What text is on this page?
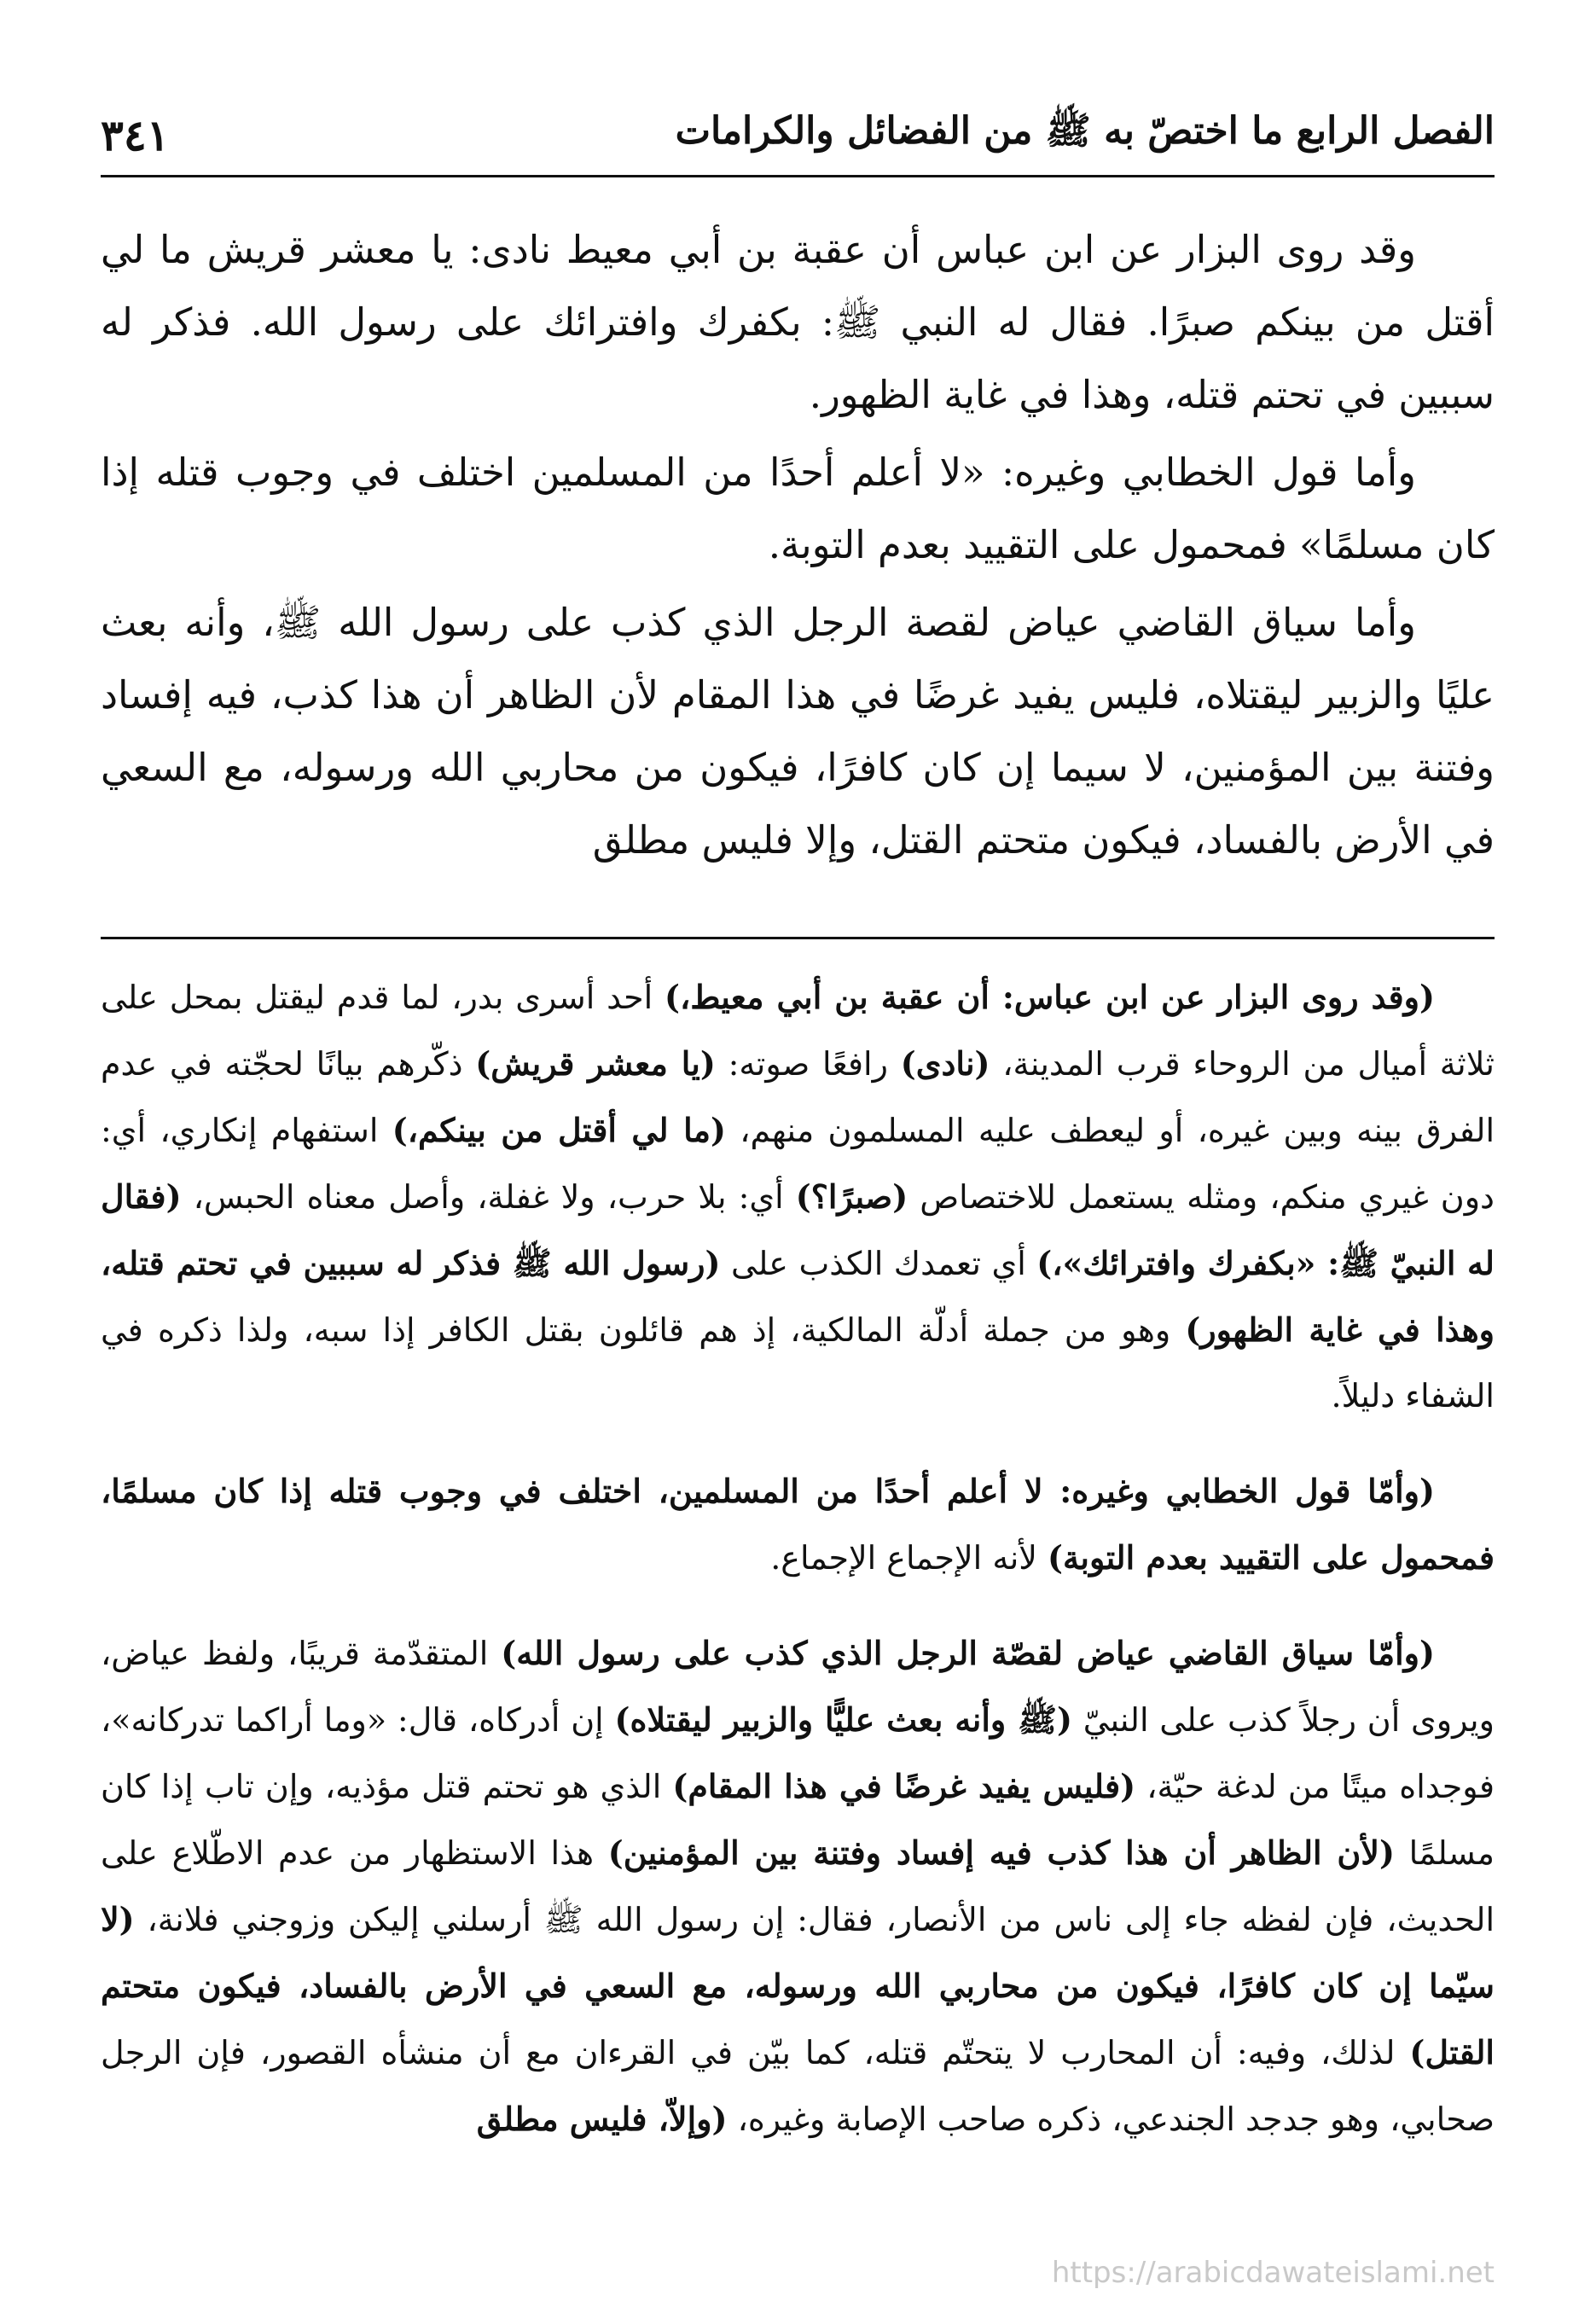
الفصل الرابع ما اختصّ به ﷺ من الفضائل والكرامات
٣٤١

وقد روى البزار عن ابن عباس أن عقبة بن أبي معيط نادى: يا معشر قريش ما لي أقتل من بينكم صبرًا. فقال له النبي ﷺ: بكفرك وافترائك على رسول الله. فذكر له سببين في تحتم قتله، وهذا في غاية الظهور.

وأما قول الخطابي وغيره: «لا أعلم أحدًا من المسلمين اختلف في وجوب قتله إذا كان مسلمًا» فمحمول على التقييد بعدم التوبة.

وأما سياق القاضي عياض لقصة الرجل الذي كذب على رسول الله ﷺ، وأنه بعث عليًا والزبير ليقتلاه، فليس يفيد غرضًا في هذا المقام لأن الظاهر أن هذا كذب، فيه إفساد وفتنة بين المؤمنين، لا سيما إن كان كافرًا، فيكون من محاربي الله ورسوله، مع السعي في الأرض بالفساد، فيكون متحتم القتل، وإلا فليس مطلق

(وقد روى البزار عن ابن عباس: أن عقبة بن أبي معيط،) أحد أسرى بدر، لما قدم ليقتل بمحل على ثلاثة أميال من الروحاء قرب المدينة، (نادى) رافعًا صوته: (يا معشر قريش) ذكّرهم بيانًا لحجّته في عدم الفرق بينه وبين غيره، أو ليعطف عليه المسلمون منهم، (ما لي أقتل من بينكم،) استفهام إنكاري، أي: دون غيري منكم، ومثله يستعمل للاختصاص (صبرًا؟) أي: بلا حرب، ولا غفلة، وأصل معناه الحبس، (فقال له النبيّ ﷺ: «بكفرك وافترائك»،) أي تعمدك الكذب على (رسول الله ﷺ فذكر له سببين في تحتم قتله، وهذا في غاية الظهور) وهو من جملة أدلّة المالكية، إذ هم قائلون بقتل الكافر إذا سبه، ولذا ذكره في الشفاء دليلاً.

(وأمّا قول الخطابي وغيره: لا أعلم أحدًا من المسلمين، اختلف في وجوب قتله إذا كان مسلمًا، فمحمول على التقييد بعدم التوبة) لأنه الإجماع الإجماع.

(وأمّا سياق القاضي عياض لقصّة الرجل الذي كذب على رسول الله) المتقدّمة قريبًا، ولفظ عياض، ويروى أن رجلاً كذب على النبيّ (ﷺ وأنه بعث عليًّا والزبير ليقتلاه) إن أدركاه، قال: «وما أراكما تدركانه»، فوجداه ميتًا من لدغة حيّة، (فليس يفيد غرضًا في هذا المقام) الذي هو تحتم قتل مؤذيه، وإن تاب إذا كان مسلمًا (لأن الظاهر أن هذا كذب فيه إفساد وفتنة بين المؤمنين) هذا الاستظهار من عدم الاطّلاع على الحديث، فإن لفظه جاء إلى ناس من الأنصار، فقال: إن رسول الله ﷺ أرسلني إليكن وزوجني فلانة، (لا سيّما إن كان كافرًا، فيكون من محاربي الله ورسوله، مع السعي في الأرض بالفساد، فيكون متحتم القتل) لذلك، وفيه: أن المحارب لا يتحتّم قتله، كما بيّن في القرءان مع أن منشأه القصور، فإن الرجل صحابي، وهو جدجد الجندعي، ذكره صاحب الإصابة وغيره، (وإلاّ، فليس مطلق

https://arabicdawateislami.net
